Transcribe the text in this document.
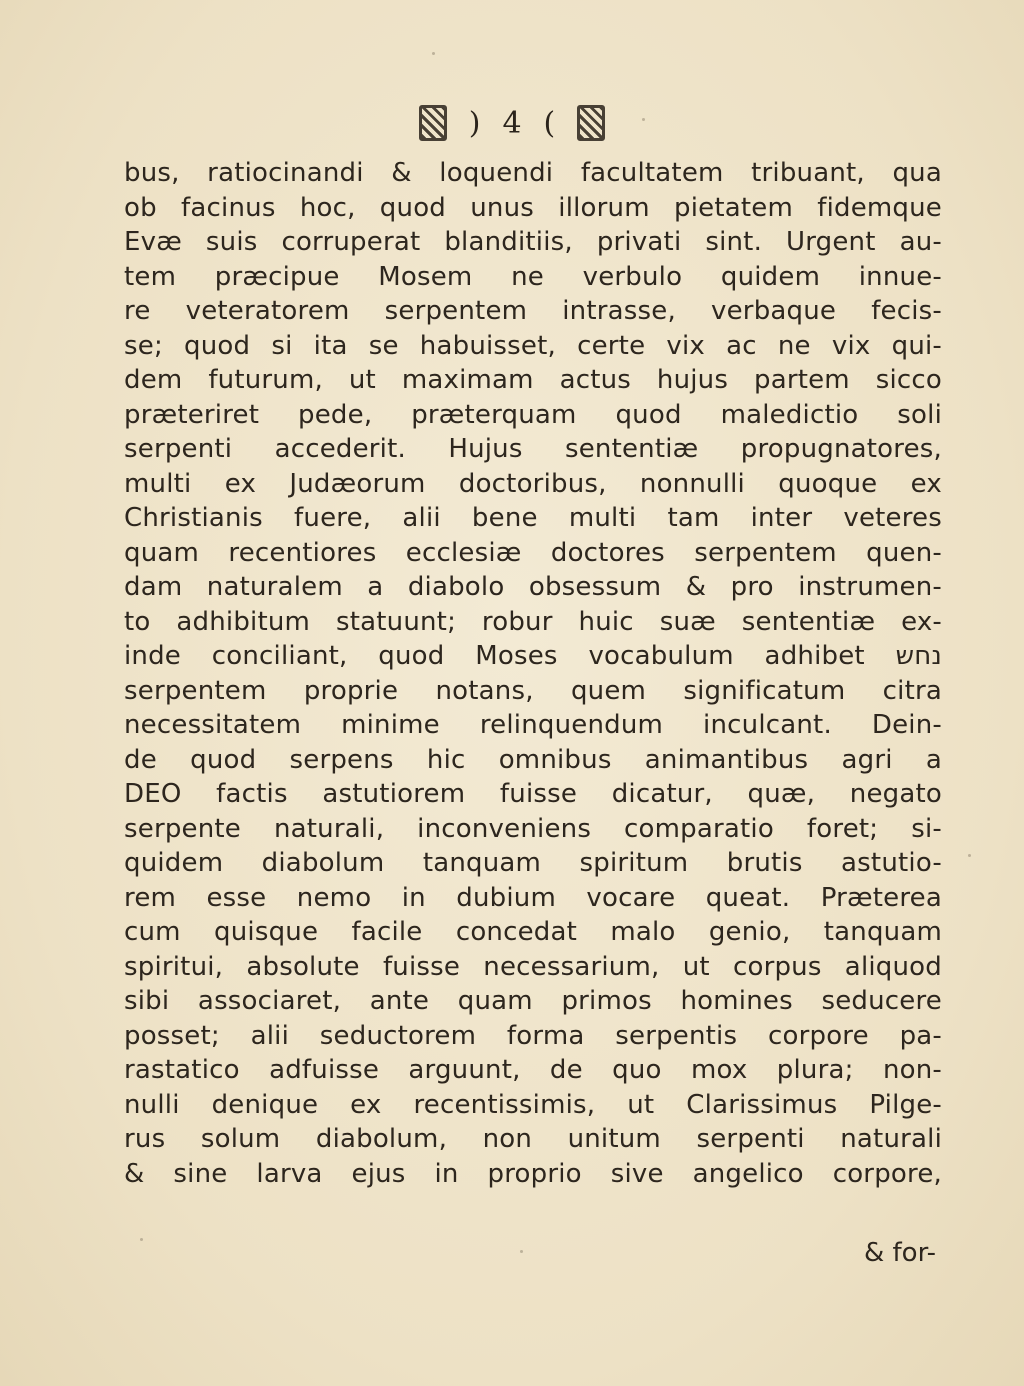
) 4 (
bus, ratiocinandi & loquendi facultatem tribuant, qua
ob facinus hoc, quod unus illorum pietatem fidemque
Evæ suis corruperat blanditiis, privati sint. Urgent au-
tem præcipue Mosem ne verbulo quidem innue-
re veteratorem serpentem intrasse, verbaque fecis-
se; quod si ita se habuisset, certe vix ac ne vix qui-
dem futurum, ut maximam actus hujus partem sicco
præteriret pede, præterquam quod maledictio soli
serpenti accederit. Hujus sententiæ propugnatores,
multi ex Judæorum doctoribus, nonnulli quoque ex
Christianis fuere, alii bene multi tam inter veteres
quam recentiores ecclesiæ doctores serpentem quen-
dam naturalem a diabolo obsessum & pro instrumen-
to adhibitum statuunt; robur huic suæ sententiæ ex-
inde conciliant, quod Moses vocabulum adhibet נחש
serpentem proprie notans, quem significatum citra
necessitatem minime relinquendum inculcant. Dein-
de quod serpens hic omnibus animantibus agri a
DEO factis astutiorem fuisse dicatur, quæ, negato
serpente naturali, inconveniens comparatio foret; si-
quidem diabolum tanquam spiritum brutis astutio-
rem esse nemo in dubium vocare queat. Præterea
cum quisque facile concedat malo genio, tanquam
spiritui, absolute fuisse necessarium, ut corpus aliquod
sibi associaret, ante quam primos homines seducere
posset; alii seductorem forma serpentis corpore pa-
rastatico adfuisse arguunt, de quo mox plura; non-
nulli denique ex recentissimis, ut Clarissimus Pilge-
rus solum diabolum, non unitum serpenti naturali
& sine larva ejus in proprio sive angelico corpore,
& for-
